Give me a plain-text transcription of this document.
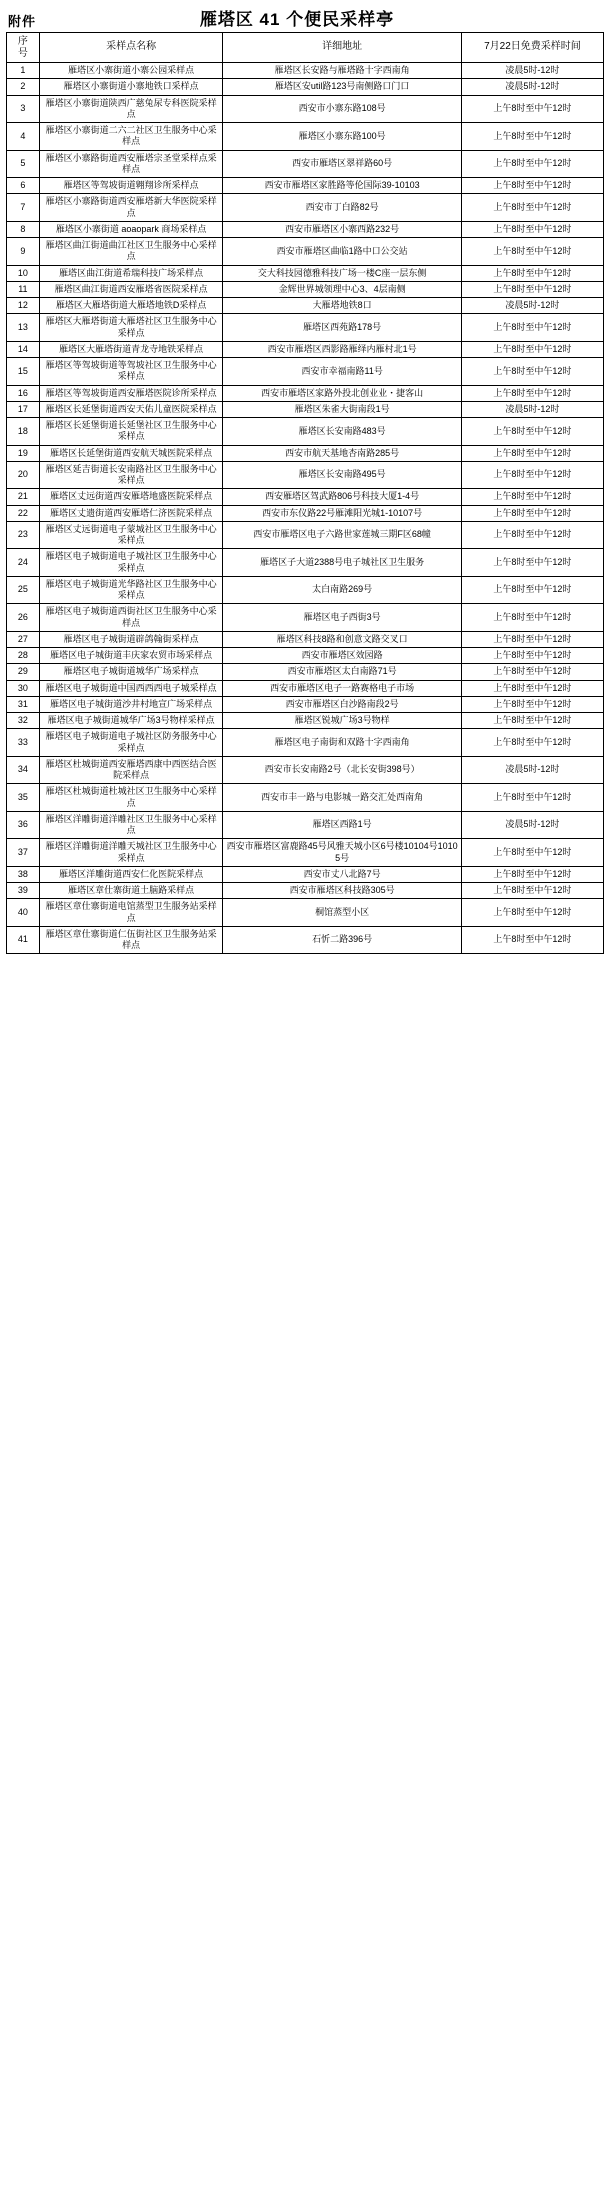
附件	雁塔区 41 个便民采样亭
序
号	采样点名称	详细地址	7月22日免费采样时间
1	雁塔区小寨街道小寨公园采样点	雁塔区长安路与雁塔路十字西南角	凌晨5时-12时
2	雁塔区小寨街道小寨地铁口采样点	雁塔区安util路123号南侧路口门口	凌晨5时-12时
3	雁塔区小寨街道陕西广慈兔尿专科医院采样点	西安市小寨东路108号	上午8时至中午12时
4	雁塔区小寨街道二六二社区卫生服务中心采样点	雁塔区小寨东路100号	上午8时至中午12时
5	雁塔区小寨路街道西安雁塔宗圣堂采样点采样点	西安市雁塔区翠祥路60号	上午8时至中午12时
6	雁塔区等驾坡街道翱翔诊所采样点	西安市雁塔区家胜路等伦国际39-10103	上午8时至中午12时
7	雁塔区小寨路街道西安雁塔新大华医院采样点	西安市丁白路82号	上午8时至中午12时
8	雁塔区小寨街道 aoaopark 商场采样点	西安市雁塔区小寨西路232号	上午8时至中午12时
9	雁塔区曲江街道曲江社区卫生服务中心采样点	西安市雁塔区曲临1路中口公交站	上午8时至中午12时
10	雁塔区曲江街道希瑞科技广场采样点	交大科技园德雅科技广场一楼C座一层东侧	上午8时至中午12时
11	雁塔区曲江街道西安雁塔省医院采样点	金辉世界城领理中心3、4层南侧	上午8时至中午12时
12	雁塔区大雁塔街道大雁塔地铁D采样点	大雁塔地铁8口	凌晨5时-12时
13	雁塔区大雁塔街道大雁塔社区卫生服务中心采样点	雁塔区西苑路178号	上午8时至中午12时
14	雁塔区大雁塔街道青龙寺地铁采样点	西安市雁塔区西影路雁绎内雁村北1号	上午8时至中午12时
15	雁塔区等驾坡街道等驾坡社区卫生服务中心采样点	西安市幸福南路11号	上午8时至中午12时
16	雁塔区等驾坡街道西安雁塔医院诊所采样点	西安市雁塔区家路外投北创业业・捷客山	上午8时至中午12时
17	雁塔区长延堡街道西安天佑儿童医院采样点	雁塔区朱雀大街南段1号	凌晨5时-12时
18	雁塔区长延堡街道长延堡社区卫生服务中心采样点	雁塔区长安南路483号	上午8时至中午12时
19	雁塔区长延堡街道西安航天城医院采样点	西安市航天基地杏南路285号	上午8时至中午12时
20	雁塔区延吉街道长安南路社区卫生服务中心采样点	雁塔区长安南路495号	上午8时至中午12时
21	雁塔区丈远街道西安雁塔地盛医院采样点	西安雁塔区驾武路806号科技大厦1-4号	上午8时至中午12时
22	雁塔区丈遗街道西安雁塔仁济医院采样点	西安市东仪路22号雁滩阳光城1-10107号	上午8时至中午12时
23	雁塔区丈远街道电子蒙城社区卫生服务中心采样点	西安市雁塔区电子六路世家莲城三期F区68幢	上午8时至中午12时
24	雁塔区电子城街道电子城社区卫生服务中心采样点	雁塔区子大道2388号电子城社区卫生服务	上午8时至中午12时
25	雁塔区电子城街道光华路社区卫生服务中心采样点	太白南路269号	上午8时至中午12时
26	雁塔区电子城街道西街社区卫生服务中心采样点	雁塔区电子西街3号	上午8时至中午12时
27	雁塔区电子城街道辟鸽翰街采样点	雁塔区科技8路和创意文路交叉口	上午8时至中午12时
28	雁塔区电子城街道丰庆家农贸市场采样点	西安市雁塔区效园路	上午8时至中午12时
29	雁塔区电子城街道城华广场采样点	西安市雁塔区太白南路71号	上午8时至中午12时
30	雁塔区电子城街道中国西西西电子城采样点	西安市雁塔区电子一路赛格电子市场	上午8时至中午12时
31	雁塔区电子城街道沙井村地宣广场采样点	西安市雁塔区白沙路南段2号	上午8时至中午12时
32	雁塔区电子城街道城华广场3号物样采样点	雁塔区锐城广场3号物样	上午8时至中午12时
33	雁塔区电子城街道电子城社区防务服务中心采样点	雁塔区电子南街和双路十字西南角	上午8时至中午12时
34	雁塔区杜城街道西安雁塔西康中西医结合医院采样点	西安市长安南路2号（北长安街398号）	凌晨5时-12时
35	雁塔区杜城街道杜城社区卫生服务中心采样点	西安市丰一路与电影城一路交汇处西南角	上午8时至中午12时
36	雁塔区洋雕街道洋雕社区卫生服务中心采样点	雁塔区西路1号	凌晨5时-12时
37	雁塔区洋雕街道洋雕天城社区卫生服务中心采样点	西安市雁塔区富鹿路45号风雅天城小区6号楼10104号10105号	上午8时至中午12时
38	雁塔区洋雕街道西安仁化医院采样点	西安市丈八北路7号	上午8时至中午12时
39	雁塔区章仕寨街道土脑路采样点	西安市雁塔区科技路305号	上午8时至中午12时
40	雁塔区章仕寨街道电馆蒸型卫生服务站采样点	桐馆蒸型小区	上午8时至中午12时
41	雁塔区章仕寨街道仁伍街社区卫生服务站采样点	石忻二路396号	上午8时至中午12时
